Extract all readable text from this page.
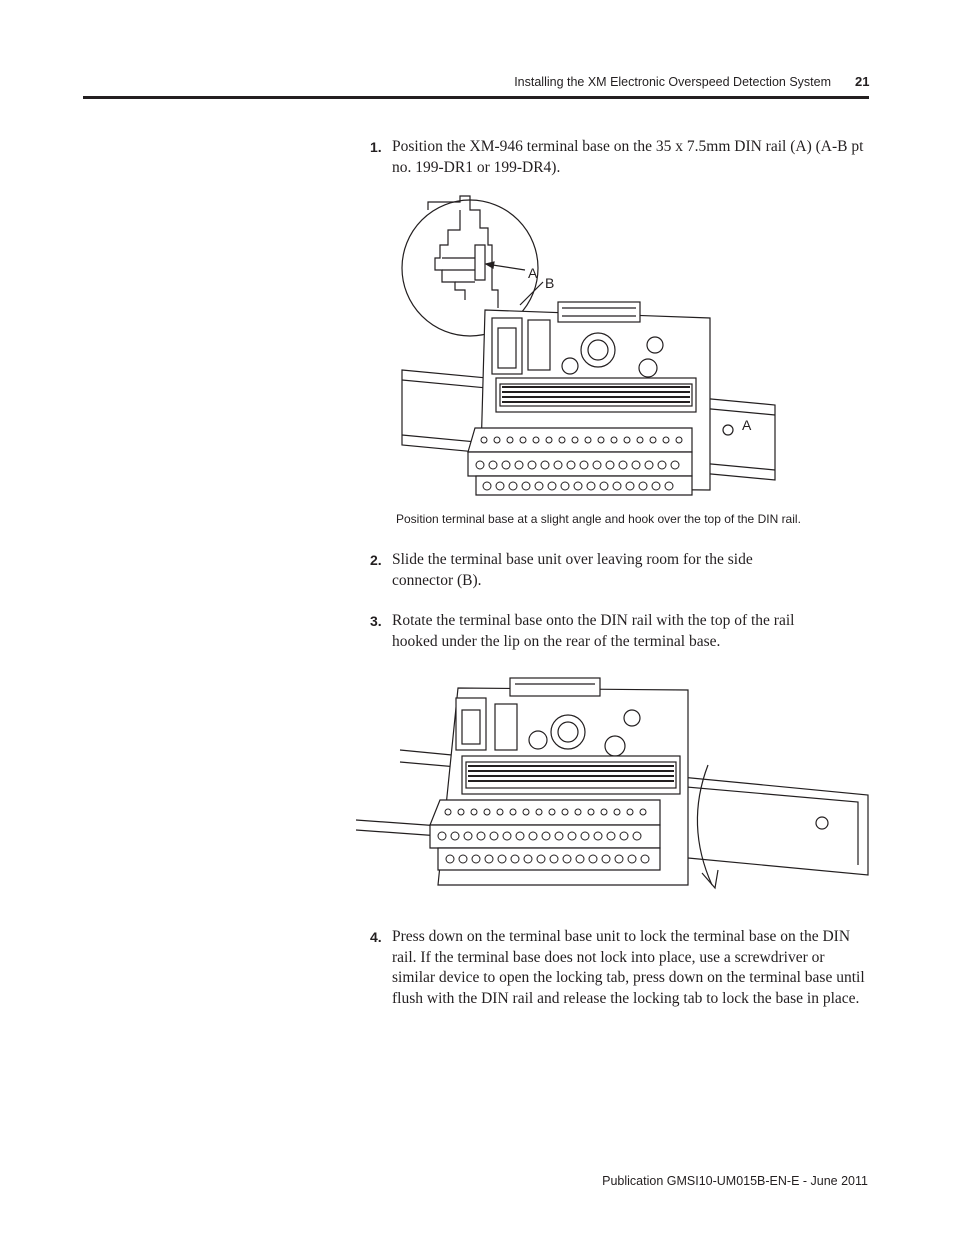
Installing the XM Electronic Overspeed Detection System 21
1. Position the XM-946 terminal base on the 35 x 7.5mm DIN rail (A) (A-B pt no. 199-DR1 or 199-DR4).
B
A
A
Position terminal base at a slight angle and hook over the top of the DIN rail.
2. Slide the terminal base unit over leaving room for the side connector (B).
3. Rotate the terminal base onto the DIN rail with the top of the rail hooked under the lip on the rear of the terminal base.
4. Press down on the terminal base unit to lock the terminal base on the DIN rail. If the terminal base does not lock into place, use a screwdriver or similar device to open the locking tab, press down on the terminal base until flush with the DIN rail and release the locking tab to lock the base in place.
Publication GMSI10-UM015B-EN-E - June 2011
